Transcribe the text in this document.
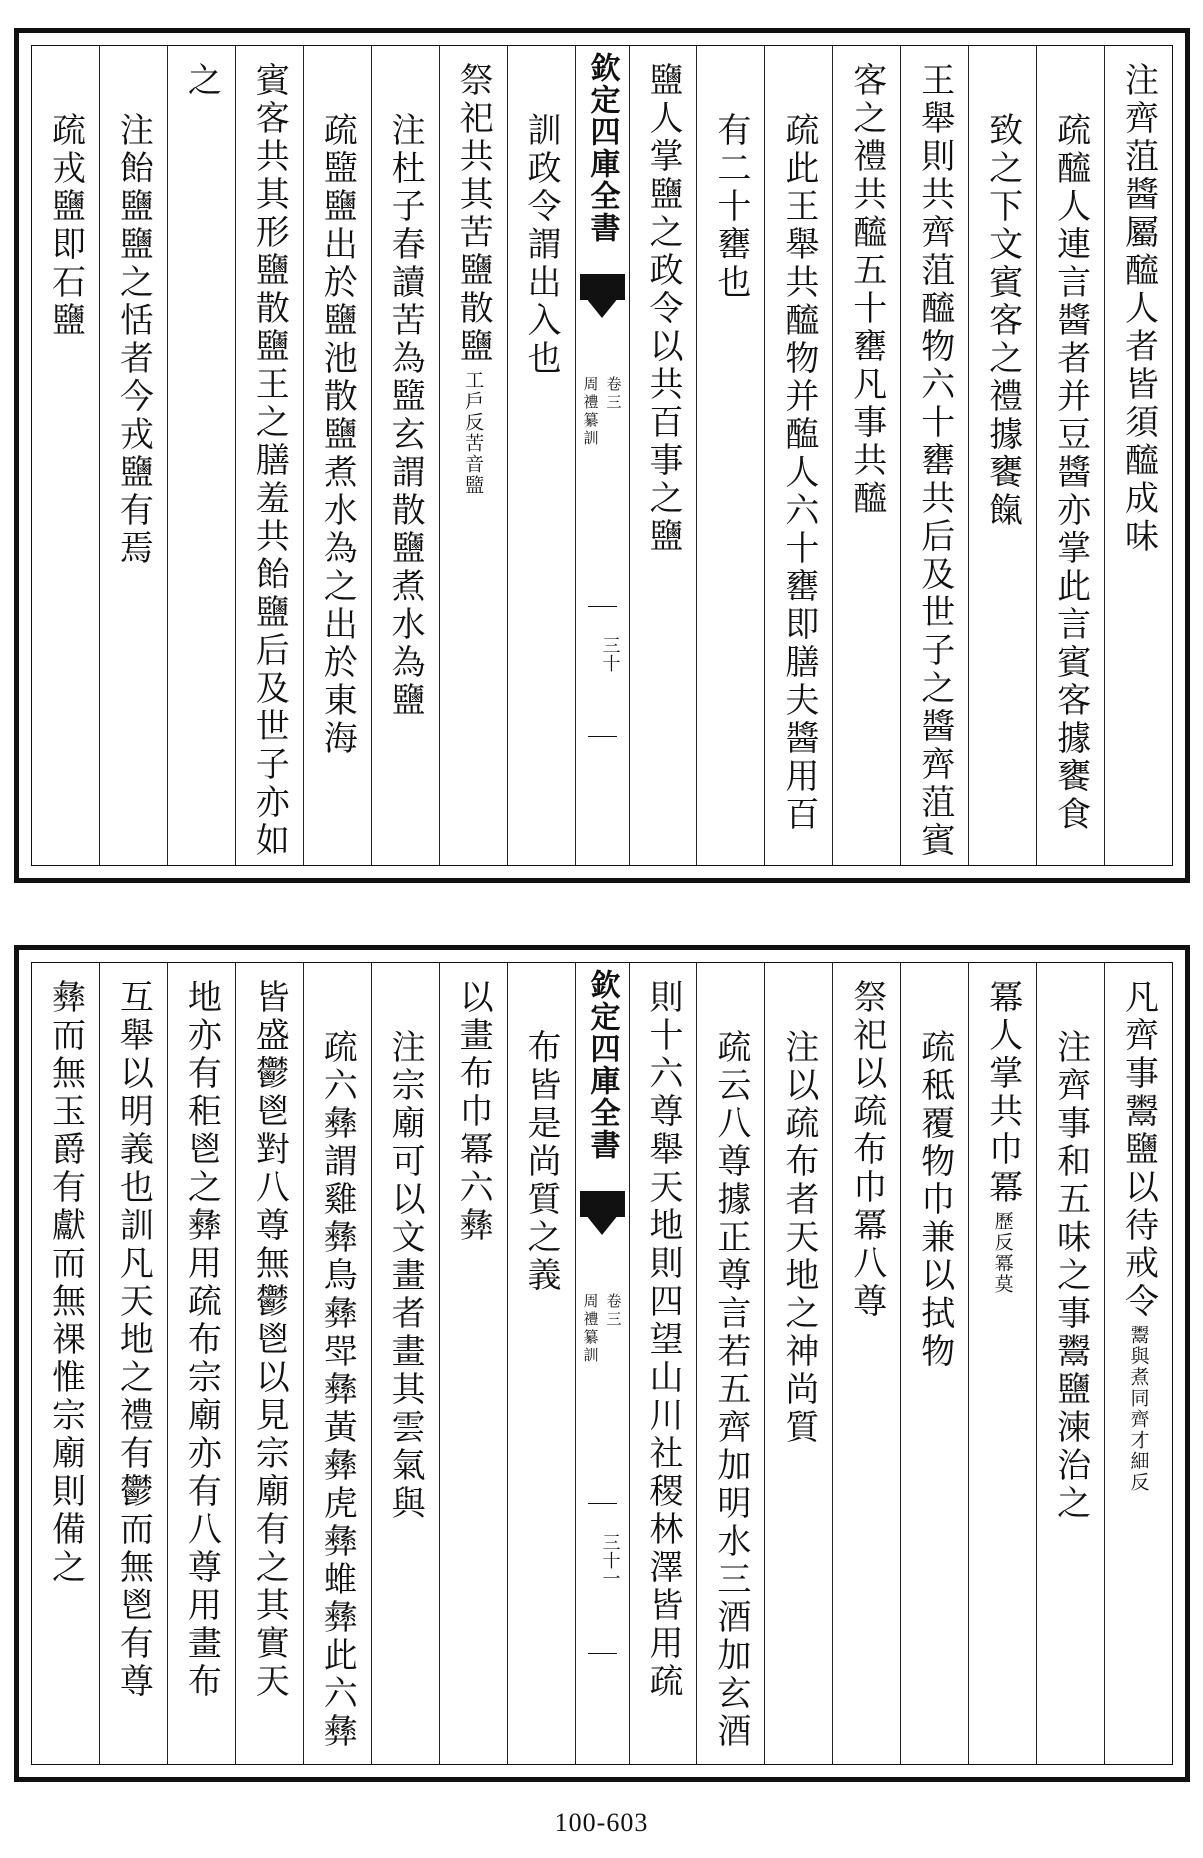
注齊菹醬屬醯人者皆須醯成味
疏醯人連言醬者并豆醬亦掌此言賓客據饔食
致之下文賓客之禮據饔餼
王舉則共齊菹醯物六十罋共后及世子之醬齊菹賓
客之禮共醯五十罋凡事共醯
疏此王舉共醯物并醢人六十罋即膳夫醬用百
有二十罋也
鹽人掌鹽之政令以共百事之鹽
欽定四庫全書
周禮纂訓 卷三
三十
訓政令謂出入也
祭祀共其苦鹽散鹽
苦音盬
工戶反
注杜子春讀苦為盬玄謂散鹽煮水為鹽
疏盬鹽出於鹽池散鹽煮水為之出於東海
賓客共其形鹽散鹽王之膳羞共飴鹽后及世子亦如
之
注飴鹽鹽之恬者今戎鹽有焉
疏戎鹽即石鹽
凡齊事鬻鹽以待戒令
齊才細反
鬻與煮同
注齊事和五味之事鬻鹽湅治之
冪人掌共巾冪
冪莫
歷反
疏秪覆物巾兼以拭物
祭祀以疏布巾冪八尊
注以疏布者天地之神尚質
疏云八尊據正尊言若五齊加明水三酒加玄酒
則十六尊舉天地則四望山川社稷林澤皆用疏
欽定四庫全書
周禮纂訓 卷三
三十一
布皆是尚質之義
以畫布巾冪六彝
注宗廟可以文畫者畫其雲氣與
疏六彝謂雞彝鳥彝斝彝黃彝虎彝蜼彝此六彝
皆盛鬱鬯對八尊無鬱鬯以見宗廟有之其實天
地亦有秬鬯之彝用疏布宗廟亦有八尊用畫布
互舉以明義也訓凡天地之禮有鬱而無鬯有尊
彝而無玉爵有獻而無祼惟宗廟則備之
100-603
